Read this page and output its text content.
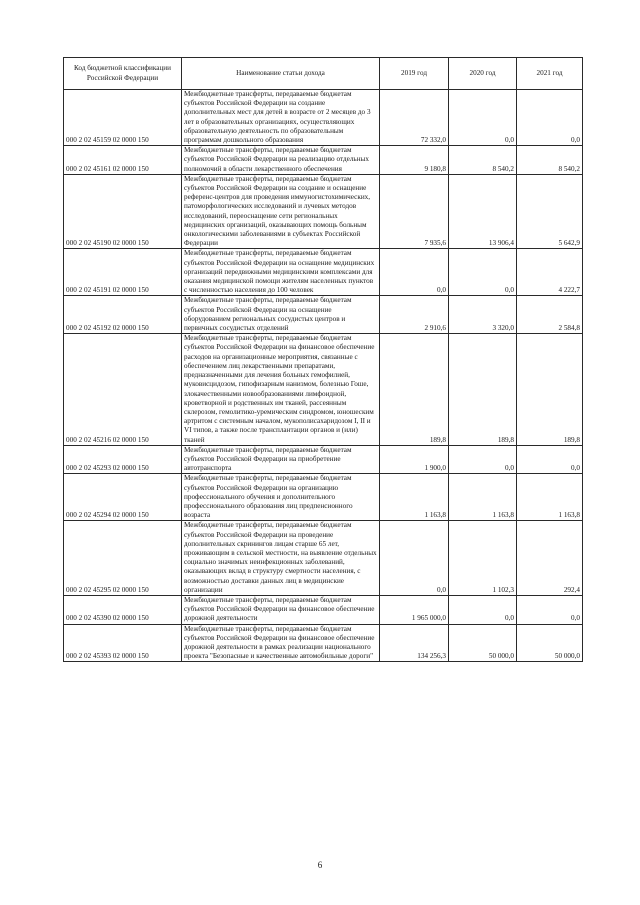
Код бюджетной классификации Российской Федерации	Наименование статьи дохода	2019 год	2020 год	2021 год
000 2 02 45159 02 0000 150	Межбюджетные трансферты, передаваемые бюджетам субъектов Российской Федерации на создание дополнительных мест для детей в возрасте от 2 месяцев до 3 лет в образовательных организациях, осуществляющих образовательную деятельность по образовательным программам дошкольного образования	72 332,0	0,0	0,0
000 2 02 45161 02 0000 150	Межбюджетные трансферты, передаваемые бюджетам субъектов Российской Федерации на реализацию отдельных полномочий в области лекарственного обеспечения	9 180,8	8 540,2	8 540,2
000 2 02 45190 02 0000 150	Межбюджетные трансферты, передаваемые бюджетам субъектов Российской Федерации на создание и оснащение референс-центров для проведения иммуногистохимических, патоморфологических исследований и лучевых методов исследований, переоснащение сети региональных медицинских организаций, оказывающих помощь больным онкологическими заболеваниями в субъектах Российской Федерации	7 935,6	13 906,4	5 642,9
000 2 02 45191 02 0000 150	Межбюджетные трансферты, передаваемые бюджетам субъектов Российской Федерации на оснащение медицинских организаций передвижными медицинскими комплексами для оказания медицинской помощи жителям населенных пунктов с численностью населения до 100 человек	0,0	0,0	4 222,7
000 2 02 45192 02 0000 150	Межбюджетные трансферты, передаваемые бюджетам субъектов Российской Федерации на оснащение оборудованием региональных сосудистых центров и первичных сосудистых отделений	2 910,6	3 320,0	2 584,8
000 2 02 45216 02 0000 150	Межбюджетные трансферты, передаваемые бюджетам субъектов Российской Федерации на финансовое обеспечение расходов на организационные мероприятия, связанные с обеспечением лиц лекарственными препаратами, предназначенными для лечения больных гемофилией, муковисцидозом, гипофизарным нанизмом, болезнью Гоше, злокачественными новообразованиями лимфоидной, кроветворной и родственных им тканей, рассеянным склерозом, гемолитико-уремическим синдромом, юношеским артритом с системным началом, мукополисахаридозом I, II и VI типов, а также после трансплантации органов и (или) тканей	189,8	189,8	189,8
000 2 02 45293 02 0000 150	Межбюджетные трансферты, передаваемые бюджетам субъектов Российской Федерации на приобретение автотранспорта	1 900,0	0,0	0,0
000 2 02 45294 02 0000 150	Межбюджетные трансферты, передаваемые бюджетам субъектов Российской Федерации на организацию профессионального обучения и дополнительного профессионального образования лиц предпенсионного возраста	1 163,8	1 163,8	1 163,8
000 2 02 45295 02 0000 150	Межбюджетные трансферты, передаваемые бюджетам субъектов Российской Федерации на проведение дополнительных скринингов лицам старше 65 лет, проживающим в сельской местности, на выявление отдельных социально значимых неинфекционных заболеваний, оказывающих вклад в структуру смертности населения, с возможностью доставки данных лиц в медицинские организации	0,0	1 102,3	292,4
000 2 02 45390 02 0000 150	Межбюджетные трансферты, передаваемые бюджетам субъектов Российской Федерации на финансовое обеспечение дорожной деятельности	1 965 000,0	0,0	0,0
000 2 02 45393 02 0000 150	Межбюджетные трансферты, передаваемые бюджетам субъектов Российской Федерации на финансовое обеспечение дорожной деятельности в рамках реализации национального проекта "Безопасные и качественные автомобильные дороги"	134 256,3	50 000,0	50 000,0
6
